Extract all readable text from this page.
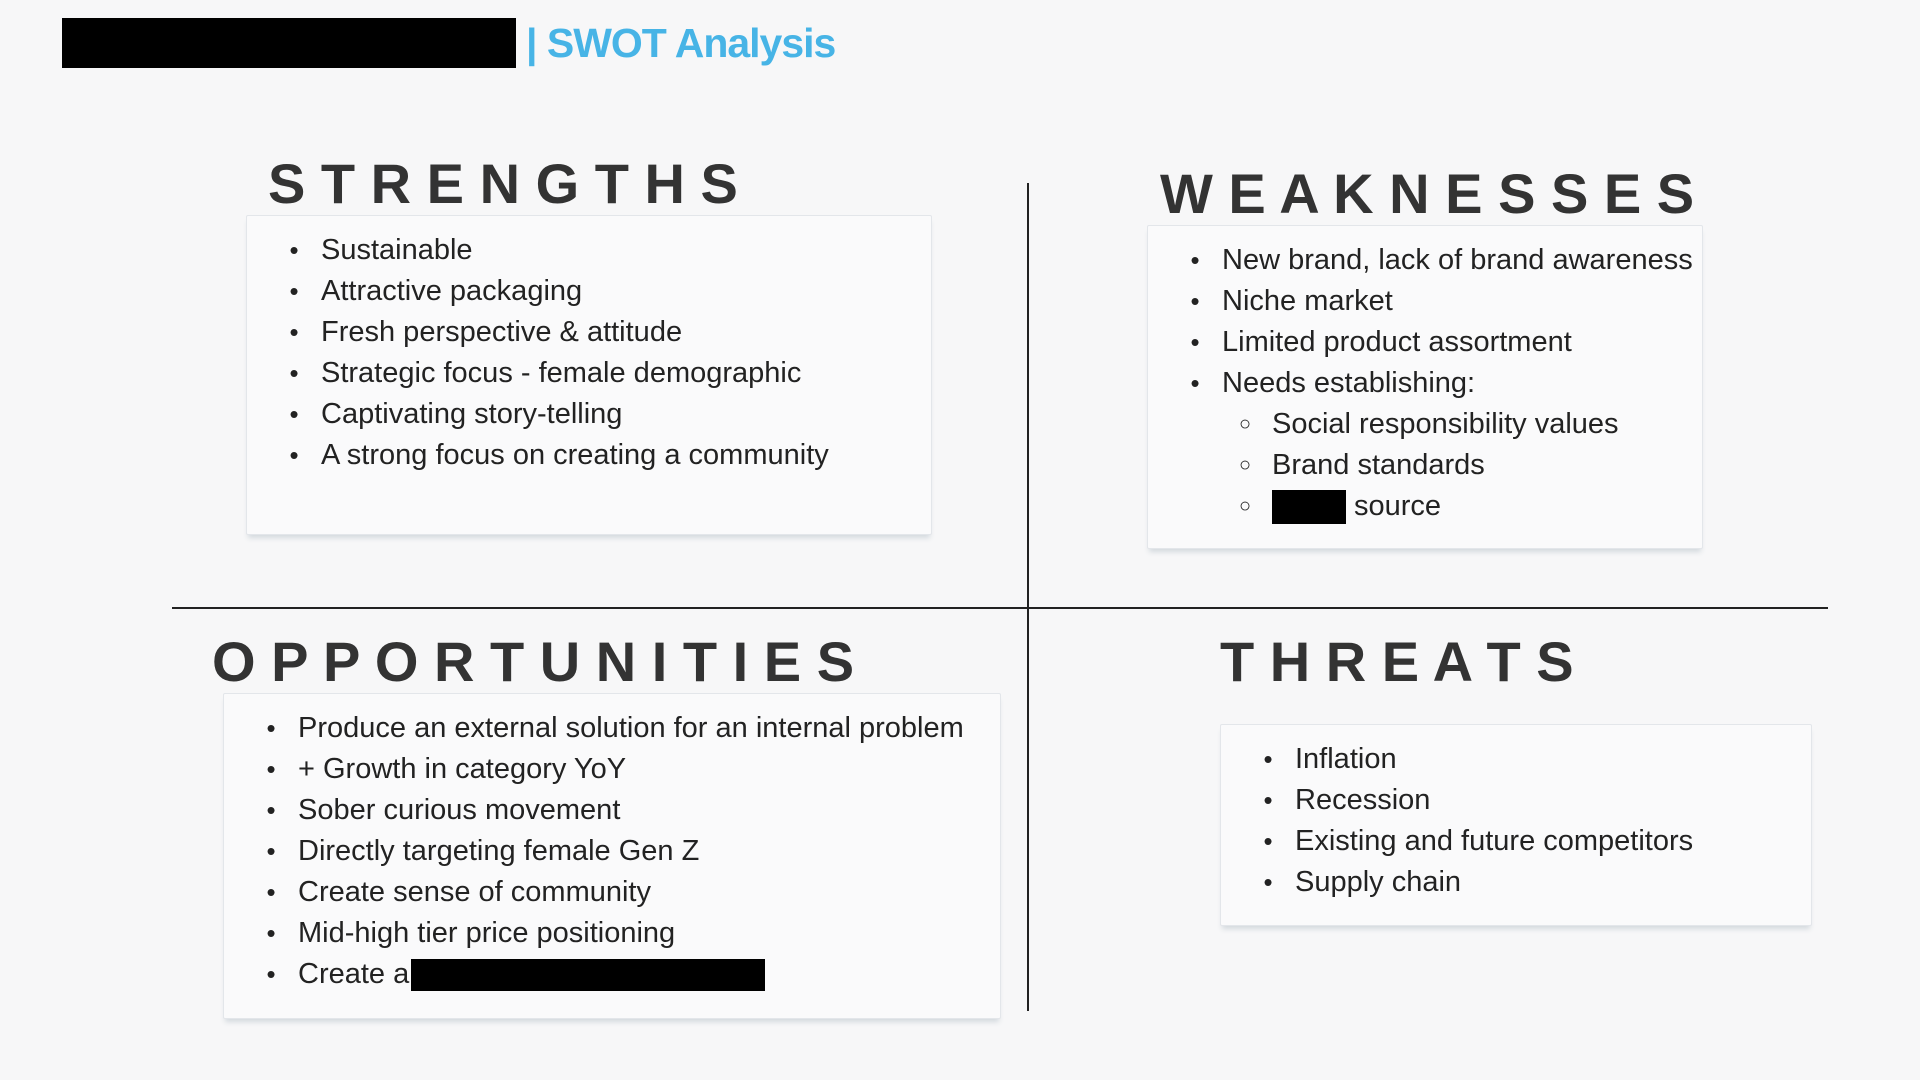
| SWOT Analysis
S T R E N G T H S
• Sustainable
• Attractive packaging
• Fresh perspective & attitude
• Strategic focus - female demographic
• Captivating story-telling
• A strong focus on creating a community
W E A K N E S S E S
• New brand, lack of brand awareness
• Niche market
• Limited product assortment
• Needs establishing:
○ Social responsibility values
○ Brand standards
○	source
O P P O R T U N I T I E S
• Produce an external solution for an internal problem
• + Growth in category YoY
• Sober curious movement
• Directly targeting female Gen Z
• Create sense of community
• Mid-high tier price positioning
• Create a
T H R E A T S
• Inflation
• Recession
• Existing and future competitors
• Supply chain
